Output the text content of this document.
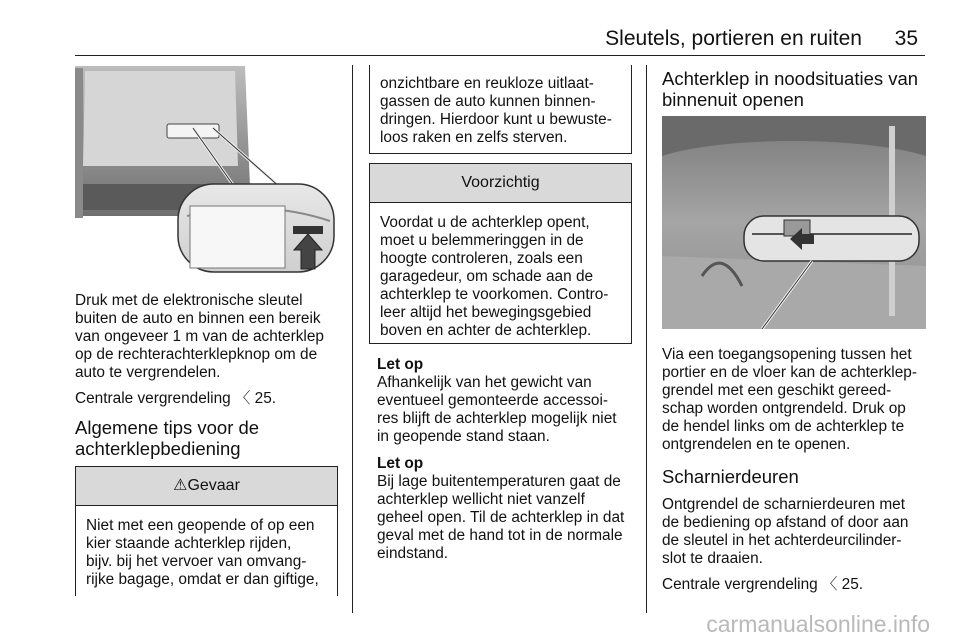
Sleutels, portieren en ruiten	35

Druk met de elektronische sleutel
buiten de auto en binnen een bereik
van ongeveer 1 m van de achterklep
op de rechterachterklepknop om de
auto te vergrendelen.

Centrale vergrendeling 〈 25.

Algemene tips voor de
achterklepbediening

⚠Gevaar

Niet met een geopende of op een
kier staande achterklep rijden,
bijv. bij het vervoer van omvang-
rijke bagage, omdat er dan giftige,

onzichtbare en reukloze uitlaat-
gassen de auto kunnen binnen-
dringen. Hierdoor kunt u bewuste-
loos raken en zelfs sterven.

Voorzichtig

Voordat u de achterklep opent,
moet u belemmeringgen in de
hoogte controleren, zoals een
garagedeur, om schade aan de
achterklep te voorkomen. Contro-
leer altijd het bewegingsgebied
boven en achter de achterklep.

Let op
Afhankelijk van het gewicht van
eventueel gemonteerde accessoi-
res blijft de achterklep mogelijk niet
in geopende stand staan.

Let op
Bij lage buitentemperaturen gaat de
achterklep wellicht niet vanzelf
geheel open. Til de achterklep in dat
geval met de hand tot in de normale
eindstand.

Achterklep in noodsituaties van
binnenuit openen

Via een toegangsopening tussen het
portier en de vloer kan de achterklep-
grendel met een geschikt gereed-
schap worden ontgrendeld. Druk op
de hendel links om de achterklep te
ontgrendelen en te openen.

Scharnierdeuren

Ontgrendel de scharnierdeuren met
de bediening op afstand of door aan
de sleutel in het achterdeurcilinder-
slot te draaien.

Centrale vergrendeling 〈 25.

carmanualsonline.info
